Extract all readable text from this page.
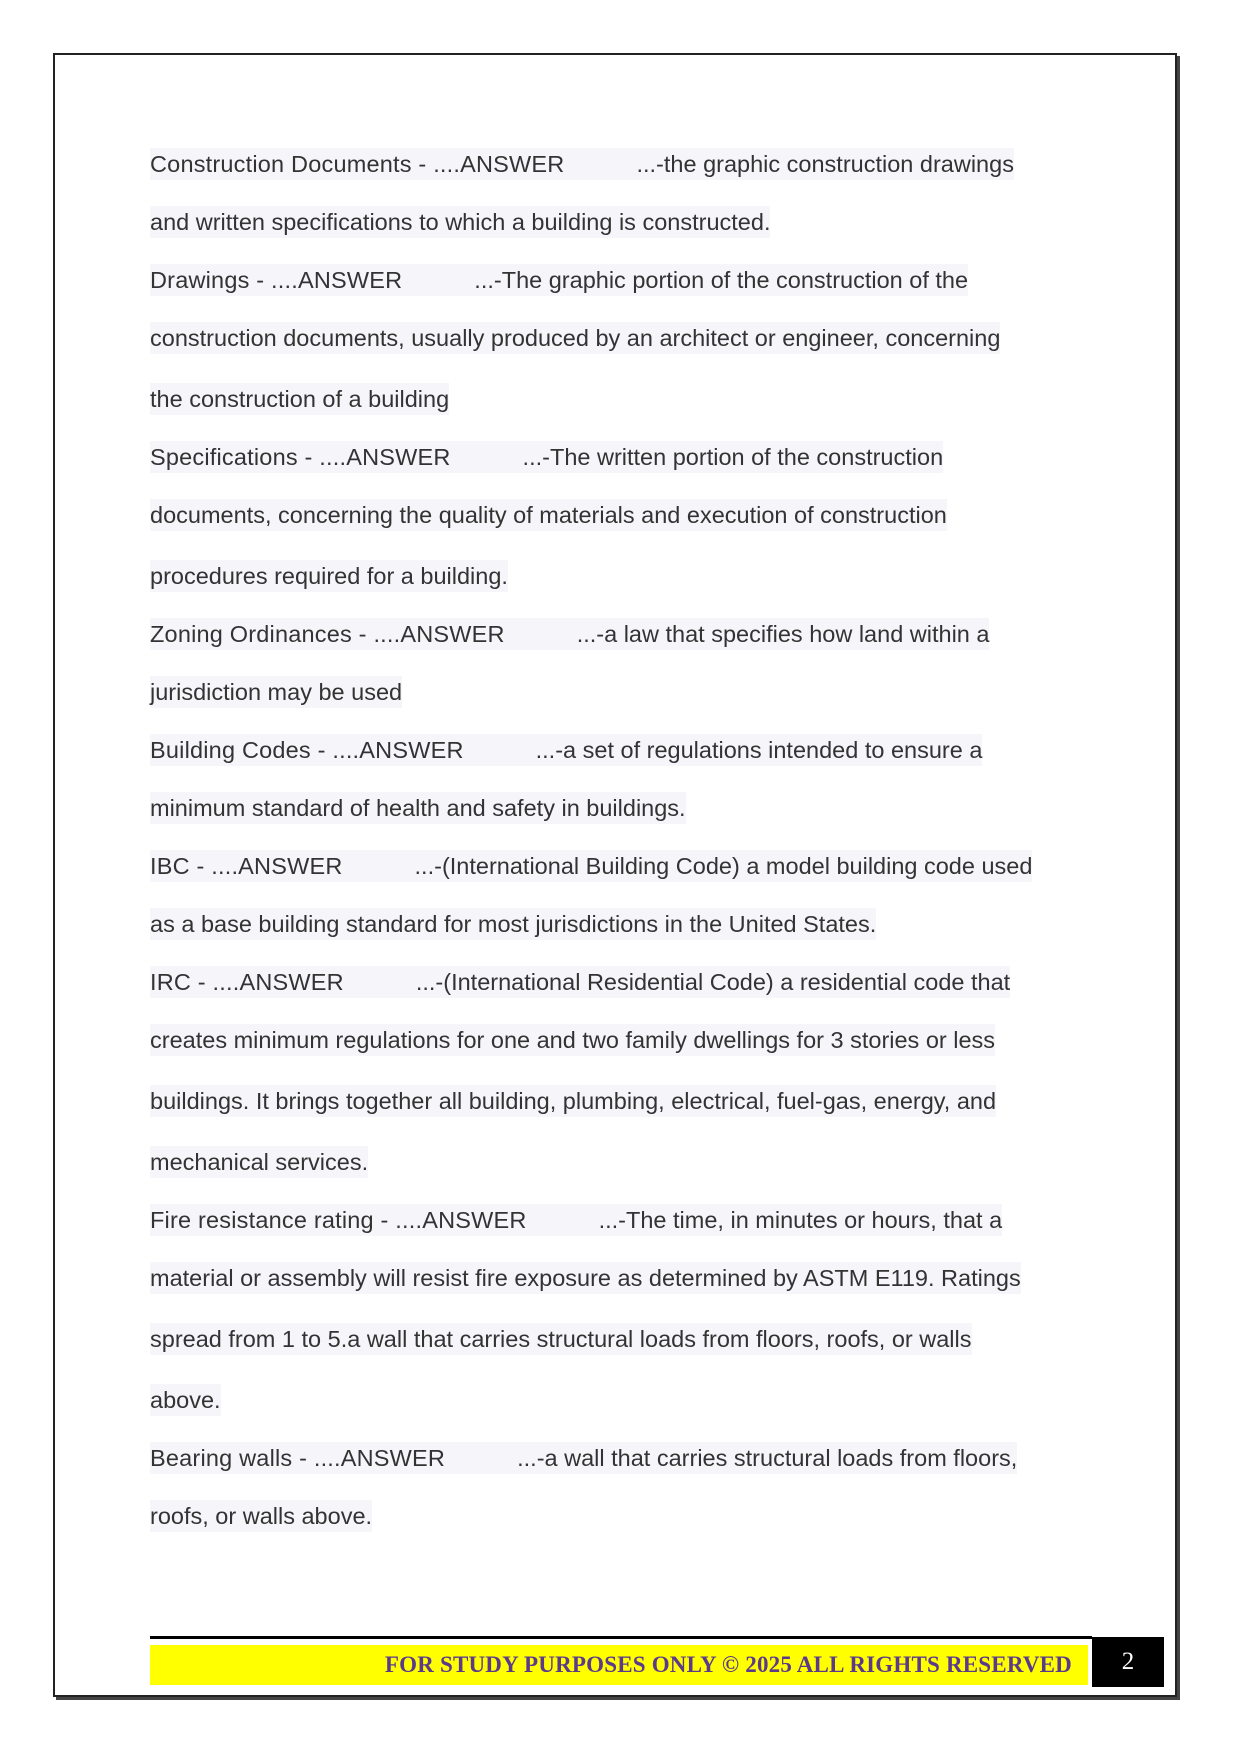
Construction Documents - ....ANSWER	...-the graphic construction drawings
and written specifications to which a building is constructed.
Drawings - ....ANSWER	...-The graphic portion of the construction of the
construction documents, usually produced by an architect or engineer, concerning
the construction of a building
Specifications - ....ANSWER	...-The written portion of the construction
documents, concerning the quality of materials and execution of construction
procedures required for a building.
Zoning Ordinances - ....ANSWER	...-a law that specifies how land within a
jurisdiction may be used
Building Codes - ....ANSWER	...-a set of regulations intended to ensure a
minimum standard of health and safety in buildings.
IBC - ....ANSWER	...-(International Building Code) a model building code used
as a base building standard for most jurisdictions in the United States.
IRC - ....ANSWER	...-(International Residential Code) a residential code that
creates minimum regulations for one and two family dwellings for 3 stories or less
buildings. It brings together all building, plumbing, electrical, fuel-gas, energy, and
mechanical services.
Fire resistance rating - ....ANSWER	...-The time, in minutes or hours, that a
material or assembly will resist fire exposure as determined by ASTM E119. Ratings
spread from 1 to 5.a wall that carries structural loads from floors, roofs, or walls
above.
Bearing walls - ....ANSWER	...-a wall that carries structural loads from floors,
roofs, or walls above.
FOR STUDY PURPOSES ONLY © 2025 ALL RIGHTS RESERVED	2
